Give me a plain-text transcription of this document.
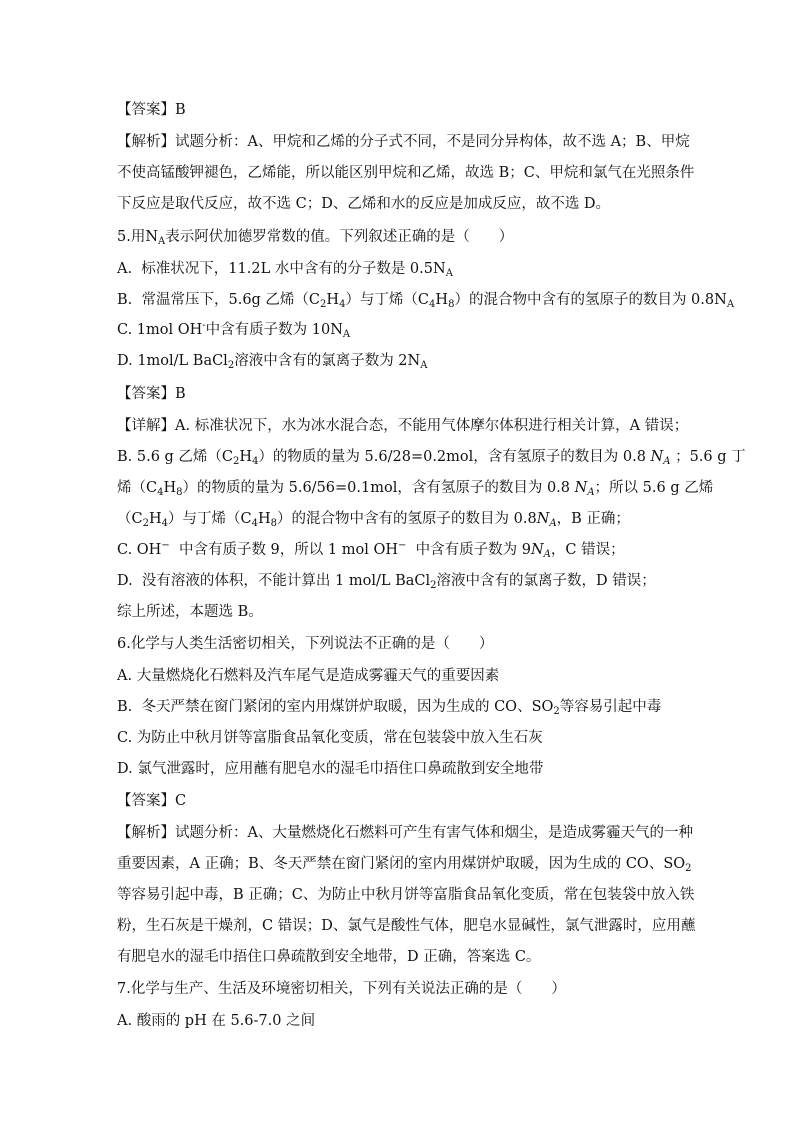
【答案】B
【解析】试题分析：A、甲烷和乙烯的分子式不同，不是同分异构体，故不选 A；B、甲烷
不使高锰酸钾褪色，乙烯能，所以能区别甲烷和乙烯，故选 B；C、甲烷和氯气在光照条件
下反应是取代反应，故不选 C；D、乙烯和水的反应是加成反应，故不选 D。
5.用$N_A$表示阿伏加德罗常数的值。下列叙述正确的是（　　）
A.  标准状况下，11.2L 水中含有的分子数是 $0.5N_A$
B.  常温常压下，5.6g 乙烯$(C_2H_4)$与丁烯$(C_4H_8)$的混合物中含有的氢原子的数目为 $0.8N_A$
C. 1mol OH-中含有质子数为 $10N_A$
D. 1mol/L BaCl$_2$溶液中含有的氯离子数为 $2N_A$
【答案】B
【详解】A. 标准状况下，水为冰水混合态，不能用气体摩尔体积进行相关计算，A 错误；
B. 5.6 g 乙烯$(C_2H_4)$的物质的量为 5.6/28=0.2mol，含有氢原子的数目为 0.8 $N_A$ ；5.6 g 丁
烯$(C_4H_8)$的物质的量为 5.6/56=0.1mol，含有氢原子的数目为 0.8 $N_A$；所以 5.6 g 乙烯
$(C_2H_4)$与丁烯$(C_4H_8)$的混合物中含有的氢原子的数目为 $0.8N_A$，B 正确；
C. OH−  中含有质子数 9，所以 1 mol OH−  中含有质子数为 $9N_A$，C 错误；
D.  没有溶液的体积，不能计算出 1 mol/L BaCl$_2$溶液中含有的氯离子数，D 错误；
综上所述，本题选 B。
6.化学与人类生活密切相关，下列说法不正确的是（　　）
A. 大量燃烧化石燃料及汽车尾气是造成雾霾天气的重要因素
B.  冬天严禁在窗门紧闭的室内用煤饼炉取暖，因为生成的 CO、$SO_2$等容易引起中毒
C. 为防止中秋月饼等富脂食品氧化变质，常在包装袋中放入生石灰
D. 氯气泄露时，应用蘸有肥皂水的湿毛巾捂住口鼻疏散到安全地带
【答案】C
【解析】试题分析：A、大量燃烧化石燃料可产生有害气体和烟尘，是造成雾霾天气的一种
重要因素，A 正确；B、冬天严禁在窗门紧闭的室内用煤饼炉取暖，因为生成的 CO、$SO_2$
等容易引起中毒，B 正确；C、为防止中秋月饼等富脂食品氧化变质，常在包装袋中放入铁
粉，生石灰是干燥剂，C 错误；D、氯气是酸性气体，肥皂水显碱性，氯气泄露时，应用蘸
有肥皂水的湿毛巾捂住口鼻疏散到安全地带，D 正确，答案选 C。
7.化学与生产、生活及环境密切相关，下列有关说法正确的是（　　）
A. 酸雨的 pH 在 5.6-7.0 之间
